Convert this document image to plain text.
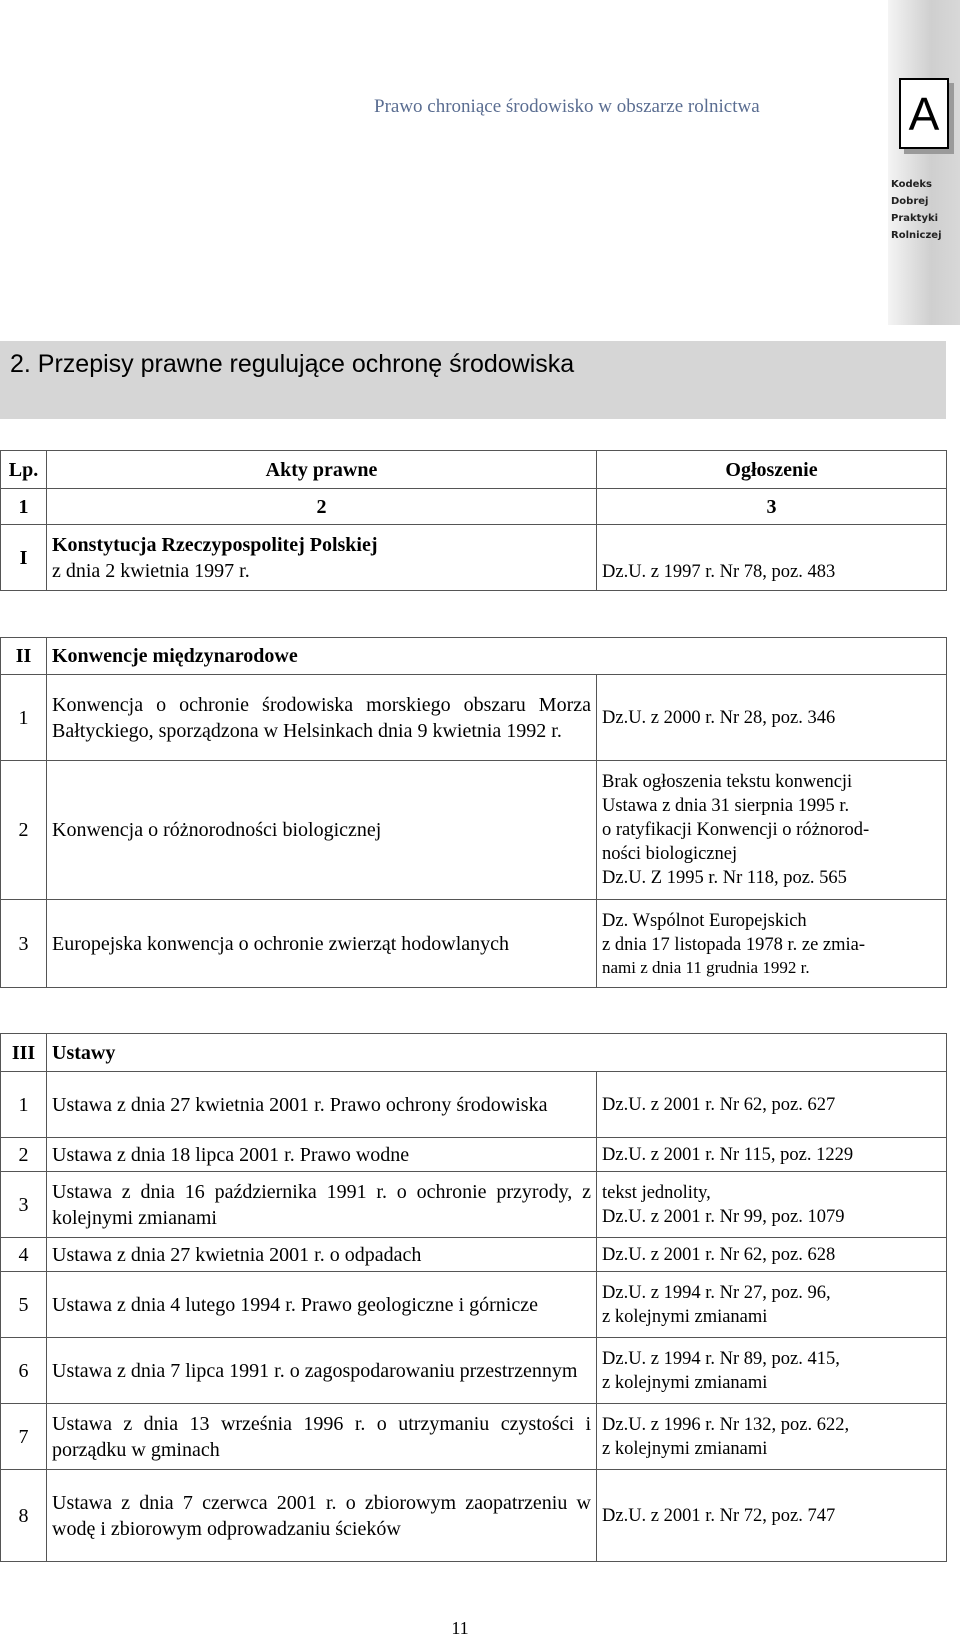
A
Kodeks
Dobrej
Praktyki
Rolniczej
Prawo chroniące środowisko w obszarze rolnictwa
2. Przepisy prawne regulujące ochronę środowiska
Lp.	Akty prawne	Ogłoszenie
1	2	3
I	Konstytucja Rzeczypospolitej Polskiej
z dnia 2 kwietnia 1997 r.	Dz.U. z 1997 r. Nr 78, poz. 483
II	Konwencje międzynarodowe	
1	Konwencja o ochronie środowiska morskiego obszaru Morza Bałtyckiego, sporządzona w Helsinkach dnia 9 kwietnia 1992 r.	Dz.U. z 2000 r. Nr 28, poz. 346
2	Konwencja o różnorodności biologicznej	Brak ogłoszenia tekstu konwencji
Ustawa z dnia 31 sierpnia 1995 r.
o ratyfikacji Konwencji o różnorod-
ności biologicznej
Dz.U. Z 1995 r. Nr 118, poz. 565

3	Europejska konwencja o ochronie zwierząt hodowlanych	Dz. Wspólnot Europejskich
z dnia 17 listopada 1978 r. ze zmia-
nami z dnia 11 grudnia 1992 r.
III	Ustawy	
1	Ustawa z dnia 27 kwietnia 2001 r. Prawo ochrony środowiska	Dz.U. z 2001 r. Nr 62, poz. 627
2	Ustawa z dnia 18 lipca 2001 r. Prawo wodne	Dz.U. z 2001 r. Nr 115, poz. 1229
3	Ustawa z dnia 16 października 1991 r. o ochronie przyrody, z kolejnymi zmianami	tekst jednolity,
Dz.U. z 2001 r. Nr 99, poz. 1079

4	Ustawa z dnia 27 kwietnia 2001 r. o odpadach	Dz.U. z 2001 r. Nr 62, poz. 628
5	Ustawa z dnia 4 lutego 1994 r. Prawo geologiczne i górnicze	Dz.U. z 1994 r. Nr 27, poz. 96,
z kolejnymi zmianami

6	Ustawa z dnia 7 lipca 1991 r. o zagospodarowaniu przestrzennym	Dz.U. z 1994 r. Nr 89, poz. 415,
z kolejnymi zmianami

7	Ustawa z dnia 13 września 1996 r. o utrzymaniu czystości i porządku w gminach	Dz.U. z 1996 r. Nr 132, poz. 622,
z kolejnymi zmianami

8	Ustawa z dnia 7 czerwca 2001 r. o zbiorowym zaopatrzeniu w wodę i zbiorowym odprowadzaniu ścieków	Dz.U. z 2001 r. Nr 72, poz. 747
11
